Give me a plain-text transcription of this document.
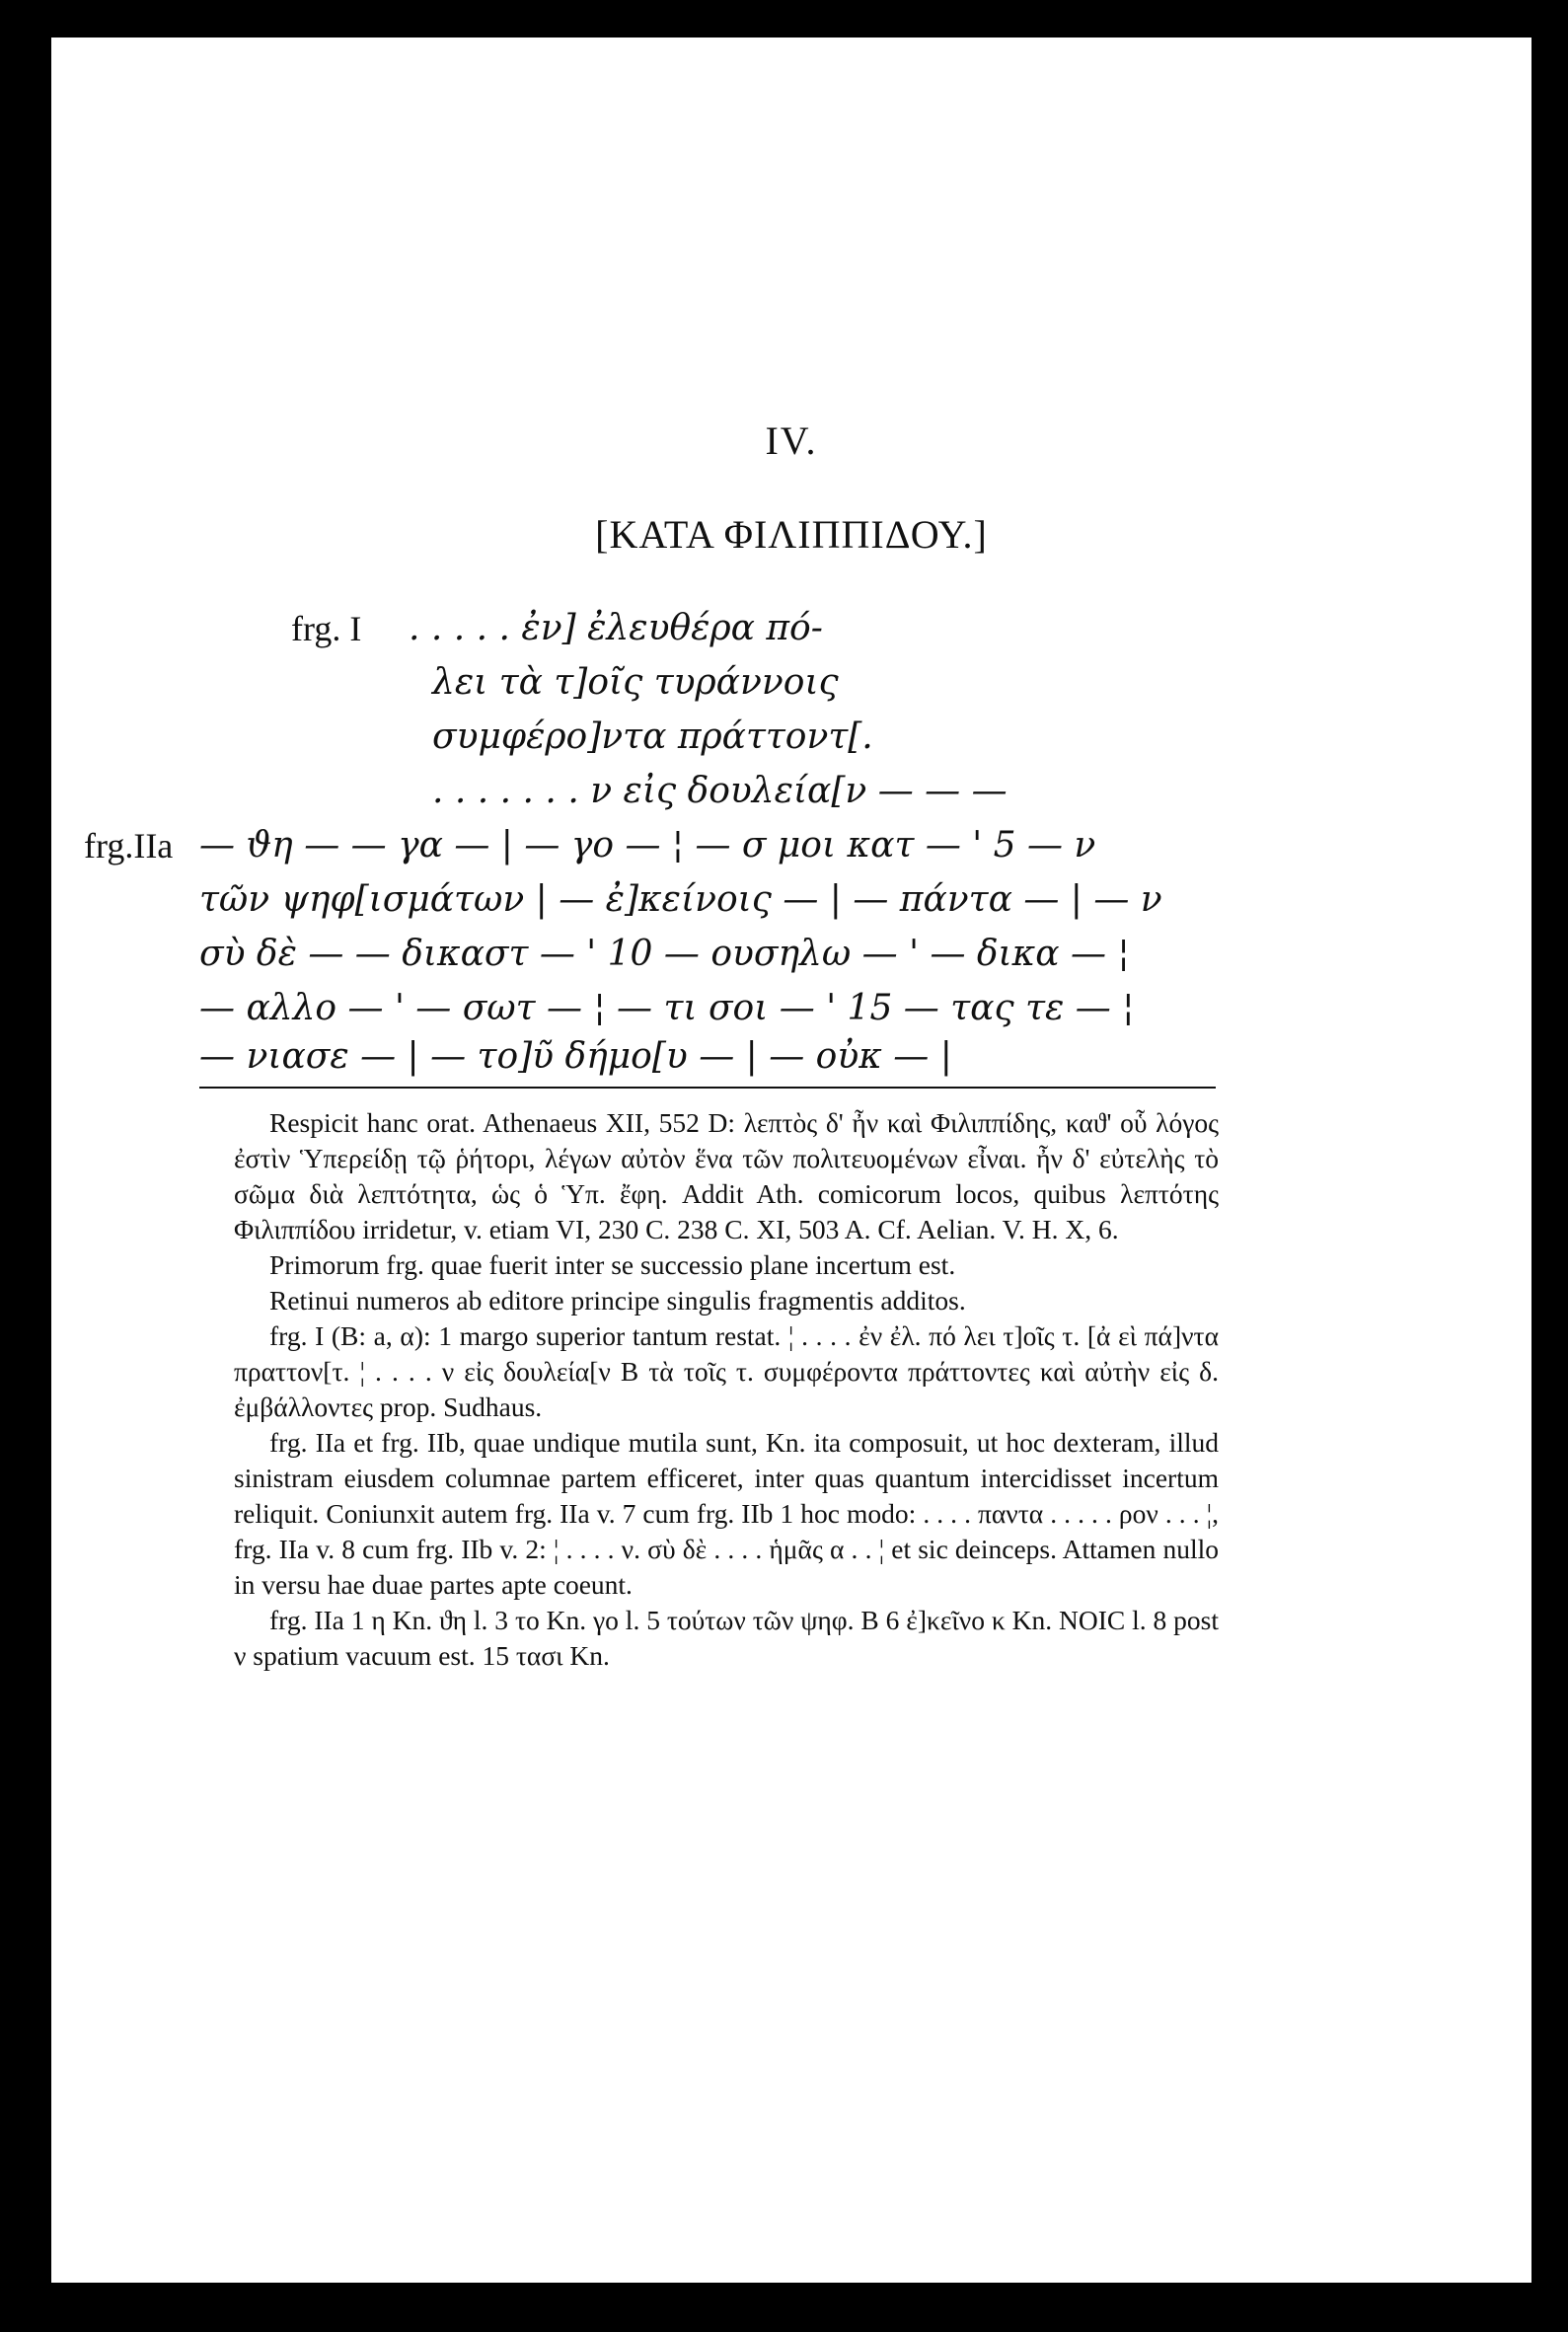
IV.
[ΚΑΤΑ ΦΙΛΙΠΠΙΔΟΥ.]
frg. I . . . . . ἐν] ἐλευθέρα πό-
λει τὰ τ]οῖς τυράννοις
συμφέρο]ντα πράττοντ[.
. . . . . . . ν εἰς δουλεία[ν — — —
frg.IIa — ϑη — — γα — | — γο — ¦ — σ μοι κατ — ' 5 — ν
τῶν ψηφ[ισμάτων | — ἐ]κείνοις — | — πάντα — | — ν
σὺ δὲ — — δικαστ — ' 10 — ουσηλω — ' — δικα — ¦
— αλλο — ' — σωτ — ¦ — τι σοι — ' 15 — τας τε — ¦
— νιασε — | — το]ῦ δήμο[υ — | — οὐκ — |

Respicit hanc orat. Athenaeus XII, 552 D: λεπτὸς δ' ἦν καὶ Φιλιππίδης, καϑ' οὗ λόγος ἐστὶν Ὑπερείδῃ τῷ ῥήτορι, λέγων αὐτὸν ἕνα τῶν πολιτευομένων εἶναι. ἦν δ' εὐτελὴς τὸ σῶμα διὰ λεπτότητα, ὡς ὁ Ὑπ. ἔφη. Addit Ath. comicorum locos, quibus λεπτότης Φιλιππίδου irridetur, v. etiam VI, 230 C. 238 C. XI, 503 A. Cf. Aelian. V. H. X, 6.

Primorum frg. quae fuerit inter se successio plane incertum est.

Retinui numeros ab editore principe singulis fragmentis additos.

frg. I (B: a, α): 1 margo superior tantum restat. ¦ . . . . ἐν ἐλ. πό λει τ]οῖς τ. [ἀ εὶ πά]ντα πραττον[τ. ¦ . . . . ν εἰς δουλεία[ν B τὰ τοῖς τ. συμφέροντα πράττοντες καὶ αὐτὴν εἰς δ. ἐμβάλλοντες prop. Sudhaus.

frg. IIa et frg. IIb, quae undique mutila sunt, Kn. ita composuit, ut hoc dexteram, illud sinistram eiusdem columnae partem efficeret, inter quas quantum intercidisset incertum reliquit. Coniunxit autem frg. IIa v. 7 cum frg. IIb 1 hoc modo: . . . . παντα . . . . . ρον . . . ¦, frg. IIa v. 8 cum frg. IIb v. 2: ¦ . . . . ν. σὺ δὲ . . . . ἡμᾶς α . . ¦ et sic deinceps. Attamen nullo in versu hae duae partes apte coeunt.

frg. IIa 1 η Kn. ϑη l. 3 το Kn. γο l. 5 τούτων τῶν ψηφ. B 6 ἐ]κεῖνο κ Kn. NΟΙC l. 8 post ν spatium vacuum est. 15 τασι Kn.
